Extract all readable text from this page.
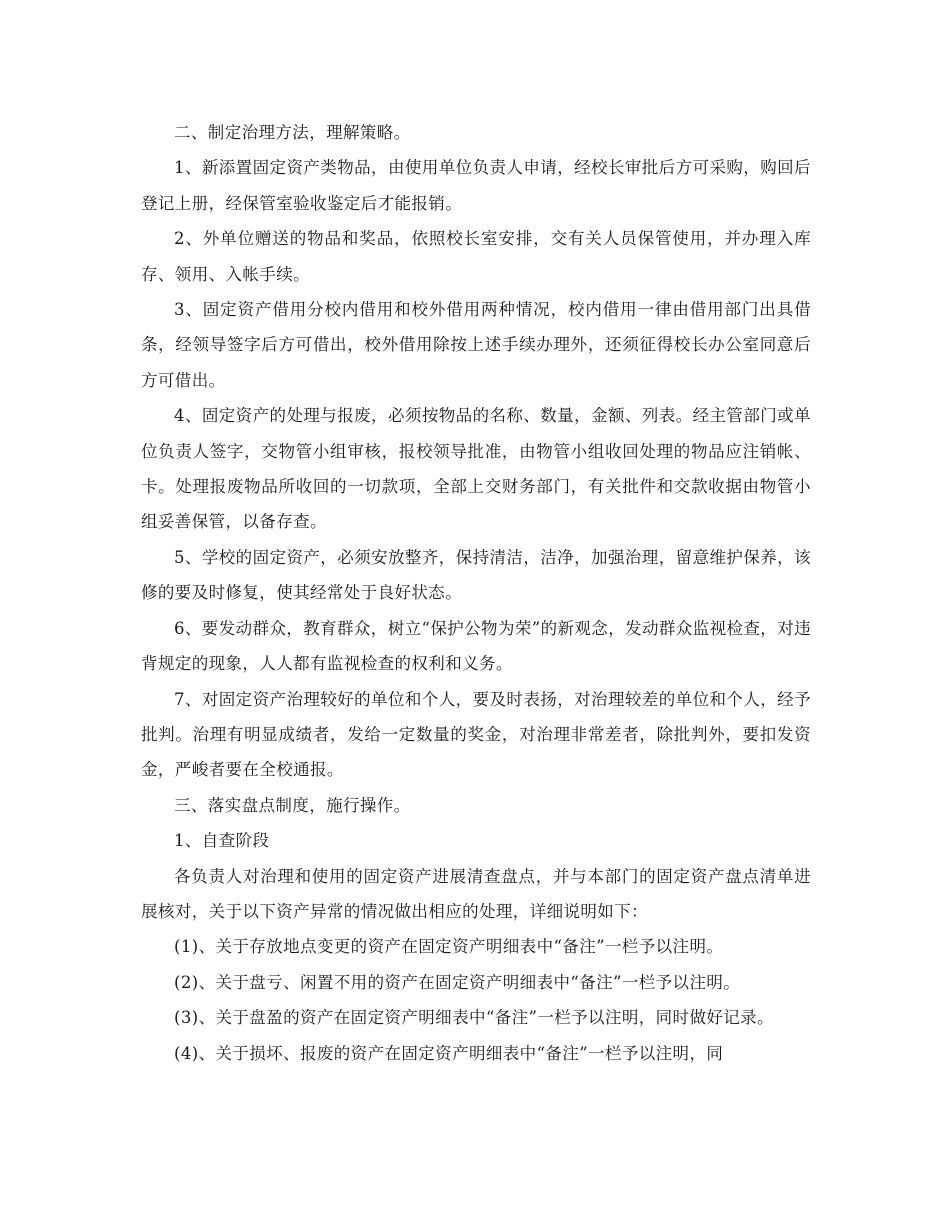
二、制定治理方法，理解策略。

1、新添置固定资产类物品，由使用单位负责人申请，经校长审批后方可采购，购回后登记上册，经保管室验收鉴定后才能报销。

2、外单位赠送的物品和奖品，依照校长室安排，交有关人员保管使用，并办理入库存、领用、入帐手续。

3、固定资产借用分校内借用和校外借用两种情况，校内借用一律由借用部门出具借条，经领导签字后方可借出，校外借用除按上述手续办理外，还须征得校长办公室同意后方可借出。

4、固定资产的处理与报废，必须按物品的名称、数量，金额、列表。经主管部门或单位负责人签字，交物管小组审核，报校领导批准，由物管小组收回处理的物品应注销帐、卡。处理报废物品所收回的一切款项，全部上交财务部门，有关批件和交款收据由物管小组妥善保管，以备存查。

5、学校的固定资产，必须安放整齐，保持清洁，洁净，加强治理，留意维护保养，该修的要及时修复，使其经常处于良好状态。

6、要发动群众，教育群众，树立“保护公物为荣”的新观念，发动群众监视检查，对违背规定的现象，人人都有监视检查的权利和义务。

7、对固定资产治理较好的单位和个人，要及时表扬，对治理较差的单位和个人，经予批判。治理有明显成绩者，发给一定数量的奖金，对治理非常差者，除批判外，要扣发资金，严峻者要在全校通报。

三、落实盘点制度，施行操作。

1、自查阶段

各负责人对治理和使用的固定资产进展清查盘点，并与本部门的固定资产盘点清单进展核对，关于以下资产异常的情况做出相应的处理，详细说明如下：

(1)、关于存放地点变更的资产在固定资产明细表中“备注”一栏予以注明。

(2)、关于盘亏、闲置不用的资产在固定资产明细表中“备注”一栏予以注明。

(3)、关于盘盈的资产在固定资产明细表中“备注”一栏予以注明，同时做好记录。

(4)、关于损坏、报废的资产在固定资产明细表中“备注”一栏予以注明，同
